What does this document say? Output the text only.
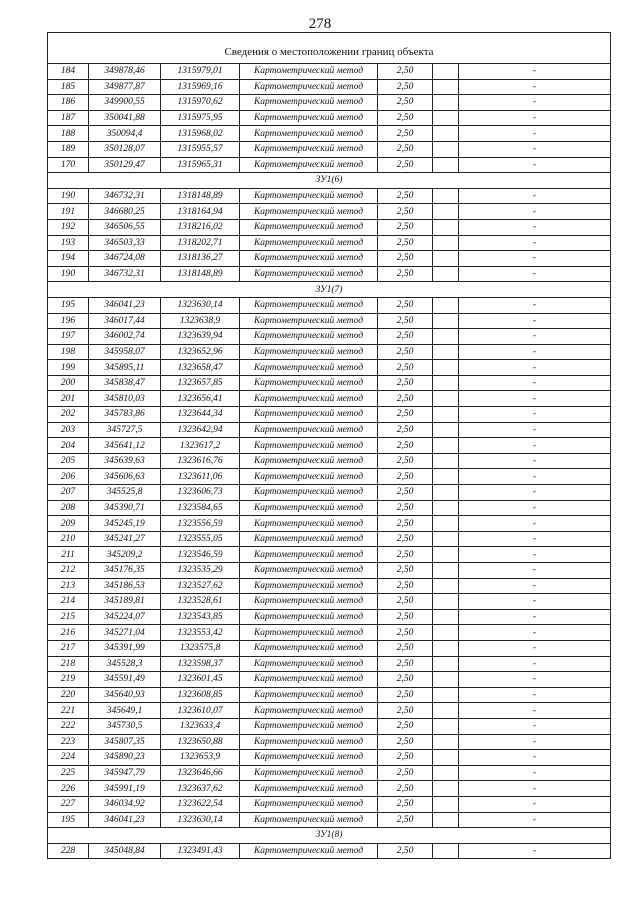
278
Сведения о местоположении границ объекта						
184	349878,46	1315979,01	Картометрический метод	2,50		-
185	349877,87	1315969,16	Картометрический метод	2,50		-
186	349900,55	1315970,62	Картометрический метод	2,50		-
187	350041,88	1315975,95	Картометрический метод	2,50		-
188	350094,4	1315968,02	Картометрический метод	2,50		-
189	350128,07	1315955,57	Картометрический метод	2,50		-
170	350129,47	1315965,31	Картометрический метод	2,50		-
ЗУ1(6)						
190	346732,31	1318148,89	Картометрический метод	2,50		-
191	346680,25	1318164,94	Картометрический метод	2,50		-
192	346506,55	1318216,02	Картометрический метод	2,50		-
193	346503,33	1318202,71	Картометрический метод	2,50		-
194	346724,08	1318136,27	Картометрический метод	2,50		-
190	346732,31	1318148,89	Картометрический метод	2,50		-
ЗУ1(7)						
195	346041,23	1323630,14	Картометрический метод	2,50		-
196	346017,44	1323638,9	Картометрический метод	2,50		-
197	346002,74	1323639,94	Картометрический метод	2,50		-
198	345958,07	1323652,96	Картометрический метод	2,50		-
199	345895,11	1323658,47	Картометрический метод	2,50		-
200	345838,47	1323657,85	Картометрический метод	2,50		-
201	345810,03	1323656,41	Картометрический метод	2,50		-
202	345783,86	1323644,34	Картометрический метод	2,50		-
203	345727,5	1323642,94	Картометрический метод	2,50		-
204	345641,12	1323617,2	Картометрический метод	2,50		-
205	345639,63	1323616,76	Картометрический метод	2,50		-
206	345606,63	1323611,06	Картометрический метод	2,50		-
207	345525,8	1323606,73	Картометрический метод	2,50		-
208	345390,71	1323584,65	Картометрический метод	2,50		-
209	345245,19	1323556,59	Картометрический метод	2,50		-
210	345241,27	1323555,05	Картометрический метод	2,50		-
211	345209,2	1323546,59	Картометрический метод	2,50		-
212	345176,35	1323535,29	Картометрический метод	2,50		-
213	345186,53	1323527,62	Картометрический метод	2,50		-
214	345189,81	1323528,61	Картометрический метод	2,50		-
215	345224,07	1323543,85	Картометрический метод	2,50		-
216	345271,04	1323553,42	Картометрический метод	2,50		-
217	345391,99	1323575,8	Картометрический метод	2,50		-
218	345528,3	1323598,37	Картометрический метод	2,50		-
219	345591,49	1323601,45	Картометрический метод	2,50		-
220	345640,93	1323608,85	Картометрический метод	2,50		-
221	345649,1	1323610,07	Картометрический метод	2,50		-
222	345730,5	1323633,4	Картометрический метод	2,50		-
223	345807,35	1323650,88	Картометрический метод	2,50		-
224	345890,23	1323653,9	Картометрический метод	2,50		-
225	345947,79	1323646,66	Картометрический метод	2,50		-
226	345991,19	1323637,62	Картометрический метод	2,50		-
227	346034,92	1323622,54	Картометрический метод	2,50		-
195	346041,23	1323630,14	Картометрический метод	2,50		-
ЗУ1(8)						
228	345048,84	1323491,43	Картометрический метод	2,50		-
